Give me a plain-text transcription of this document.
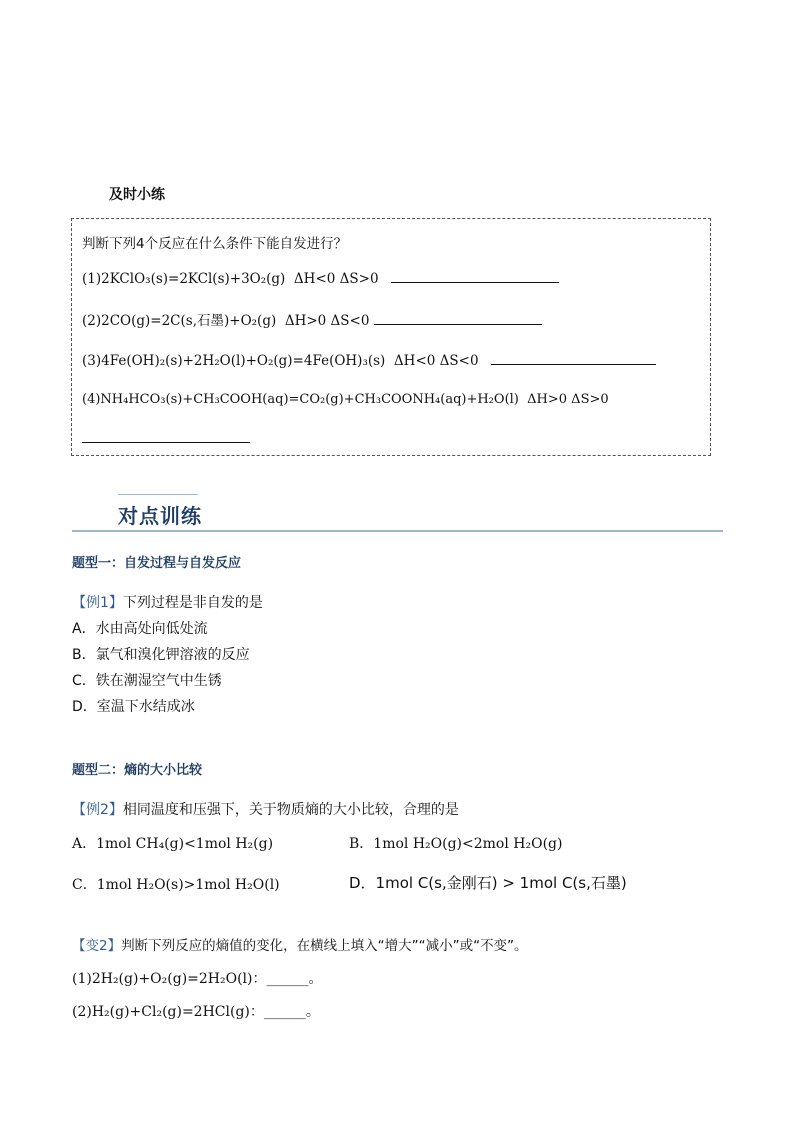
及时小练
判断下列4个反应在什么条件下能自发进行？
(1)2KClO₃(s)=2KCl(s)+3O₂(g) ΔH<0 ΔS>0
(2)2CO(g)=2C(s,石墨)+O₂(g) ΔH>0 ΔS<0
(3)4Fe(OH)₂(s)+2H₂O(l)+O₂(g)=4Fe(OH)₃(s) ΔH<0 ΔS<0
(4)NH₄HCO₃(s)+CH₃COOH(aq)=CO₂(g)+CH₃COONH₄(aq)+H₂O(l) ΔH>0 ΔS>0
对点训练
题型一：自发过程与自发反应
【例1】下列过程是非自发的是
A．水由高处向低处流
B．氯气和溴化钾溶液的反应
C．铁在潮湿空气中生锈
D．室温下水结成冰
题型二：熵的大小比较
【例2】相同温度和压强下，关于物质熵的大小比较，合理的是
A．1mol CH₄(g)<1mol H₂(g)	B．1mol H₂O(g)<2mol H₂O(g)
C．1mol H₂O(s)>1mol H₂O(l)	D．1mol C(s,金刚石) > 1mol C(s,石墨)
【变2】判断下列反应的熵值的变化，在横线上填入“增大”“减小”或“不变”。
(1)2H₂(g)+O₂(g)=2H₂O(l)：______。
(2)H₂(g)+Cl₂(g)=2HCl(g)：______。
